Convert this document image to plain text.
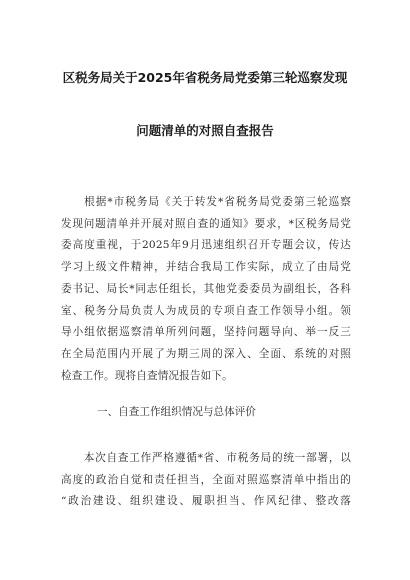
区税务局关于2025年省税务局党委第三轮巡察发现
问题清单的对照自查报告
　　根据*市税务局《关于转发*省税务局党委第三轮巡察
发现问题清单并开展对照自查的通知》要求，*区税务局党
委高度重视，于2025年9月迅速组织召开专题会议，传达
学习上级文件精神，并结合我局工作实际，成立了由局党
委书记、局长*同志任组长，其他党委委员为副组长，各科
室、税务分局负责人为成员的专项自查工作领导小组。领
导小组依据巡察清单所列问题，坚持问题导向、举一反三
在全局范围内开展了为期三周的深入、全面、系统的对照
检查工作。现将自查情况报告如下。
一、自查工作组织情况与总体评价
　　本次自查工作严格遵循*省、市税务局的统一部署，以
高度的政治自觉和责任担当，全面对照巡察清单中指出的
“政治建设、组织建设、履职担当、作风纪律、整改落
